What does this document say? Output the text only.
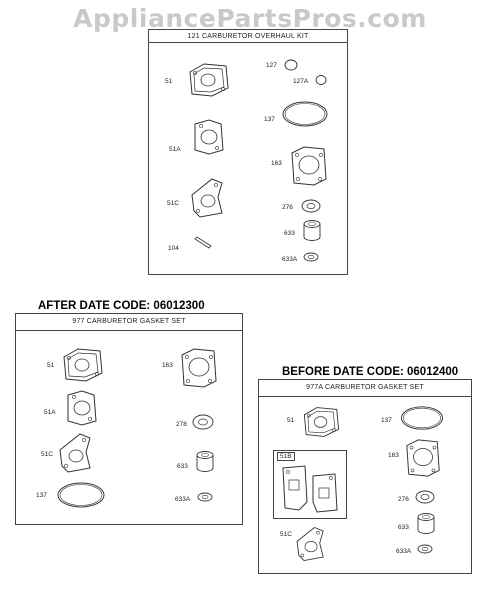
AppliancePartsPros.com
121 CARBURETOR OVERHAUL KIT
51
51A
51C
104
127
127A
137
163
276
633
633A
AFTER DATE CODE: 06012300
977 CARBURETOR GASKET SET
51
51A
51C
137
163
278
633
633A
BEFORE DATE CODE: 06012400
977A CARBURETOR GASKET SET
51
51B
51C
137
163
276
633
633A
